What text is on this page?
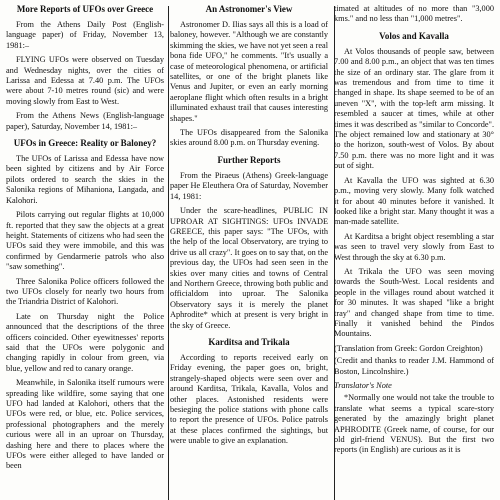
More Reports of UFOs over Greece

From the Athens Daily Post (English-language paper) of Friday, November 13, 1981:–

FLYING UFOs were observed on Tuesday and Wednesday nights, over the cities of Larissa and Edessa at 7.40 p.m. The UFOs were about 7-10 metres round (sic) and were moving slowly from East to West.

From the Athens News (English-language paper), Saturday, November 14, 1981:–

UFOs in Greece: Reality or Baloney?

The UFOs of Larissa and Edessa have now been sighted by citizens and by Air Force pilots ordered to search the skies in the Salonika regions of Mihaniona, Langada, and Kalohori.

Pilots carrying out regular flights at 10,000 ft. reported that they saw the objects at a great height. Statements of citizens who had seen the UFOs said they were immobile, and this was confirmed by Gendarmerie patrols who also "saw something".

Three Salonika Police officers followed the two UFOs closely for nearly two hours from the Triandria District of Kalohori.

Late on Thursday night the Police announced that the descriptions of the three officers coincided. Other eyewitnesses' reports said that the UFOs were polygonic and changing rapidly in colour from green, via blue, yellow and red to canary orange.

Meanwhile, in Salonika itself rumours were spreading like wildfire, some saying that one UFO had landed at Kalohori, others that the UFOs were red, or blue, etc. Police services, professional photographers and the merely curious were all in an uproar on Thursday, dashing here and there to places where the UFOs were either alleged to have landed or been

An Astronomer's View

Astronomer D. Ilias says all this is a load of baloney, however. "Although we are constantly skimming the skies, we have not yet seen a real bona fide UFO," he comments. "It's usually a case of meteorological phenomena, or artificial satellites, or one of the bright planets like Venus and Jupiter, or even an early morning aeroplane flight which often results in a bright illuminated exhaust trail that causes interesting shapes."

The UFOs disappeared from the Salonika skies around 8.00 p.m. on Thursday evening.

Further Reports

From the Piraeus (Athens) Greek-language paper He Eleuthera Ora of Saturday, November 14, 1981:

Under the scare-headlines, PUBLIC IN UPROAR AT SIGHTINGS: UFOs INVADE GREECE, this paper says: "The UFOs, with the help of the local Observatory, are trying to drive us all crazy". It goes on to say that, on the previous day, the UFOs had seen seen in the skies over many cities and towns of Central and Northern Greece, throwing both public and officialdom into uproar. The Salonika Observatory says it is merely the planet Aphrodite* which at present is very bright in the sky of Greece.

Karditsa and Trikala

According to reports received early on Friday evening, the paper goes on, bright, strangely-shaped objects were seen over and around Karditsa, Trikala, Kavalla, Volos and other places. Astonished residents were besieging the police stations with phone calls to report the presence of UFOs. Police patrols at these places confirmed the sightings, but were unable to give an explanation.

timated at altitudes of no more than "3,000 kms." and no less than "1,000 metres".

Volos and Kavalla

At Volos thousands of people saw, between 7.00 and 8.00 p.m., an object that was ten times the size of an ordinary star. The glare from it was tremendous and from time to time it changed in shape. Its shape seemed to be of an uneven "X", with the top-left arm missing. It resembled a saucer at times, while at other times it was described as "similar to Concorde". The object remained low and stationary at 30° to the horizon, south-west of Volos. By about 7.50 p.m. there was no more light and it was out of sight.

At Kavalla the UFO was sighted at 6.30 p.m., moving very slowly. Many folk watched it for about 40 minutes before it vanished. It looked like a bright star. Many thought it was a man-made satellite.

At Karditsa a bright object resembling a star was seen to travel very slowly from East to West through the sky at 6.30 p.m.

At Trikala the UFO was seen moving towards the South-West. Local residents and people in the villages round about watched it for 30 minutes. It was shaped "like a bright tray" and changed shape from time to time. Finally it vanished behind the Pindos Mountains.

(Translation from Greek: Gordon Creighton)

(Credit and thanks to reader J.M. Hammond of Boston, Lincolnshire.)

Translator's Note

*Normally one would not take the trouble to translate what seems a typical scare-story generated by the amazingly bright planet APHRODITE (Greek name, of course, for our old girl-friend VENUS). But the first two reports (in English) are curious as it is
